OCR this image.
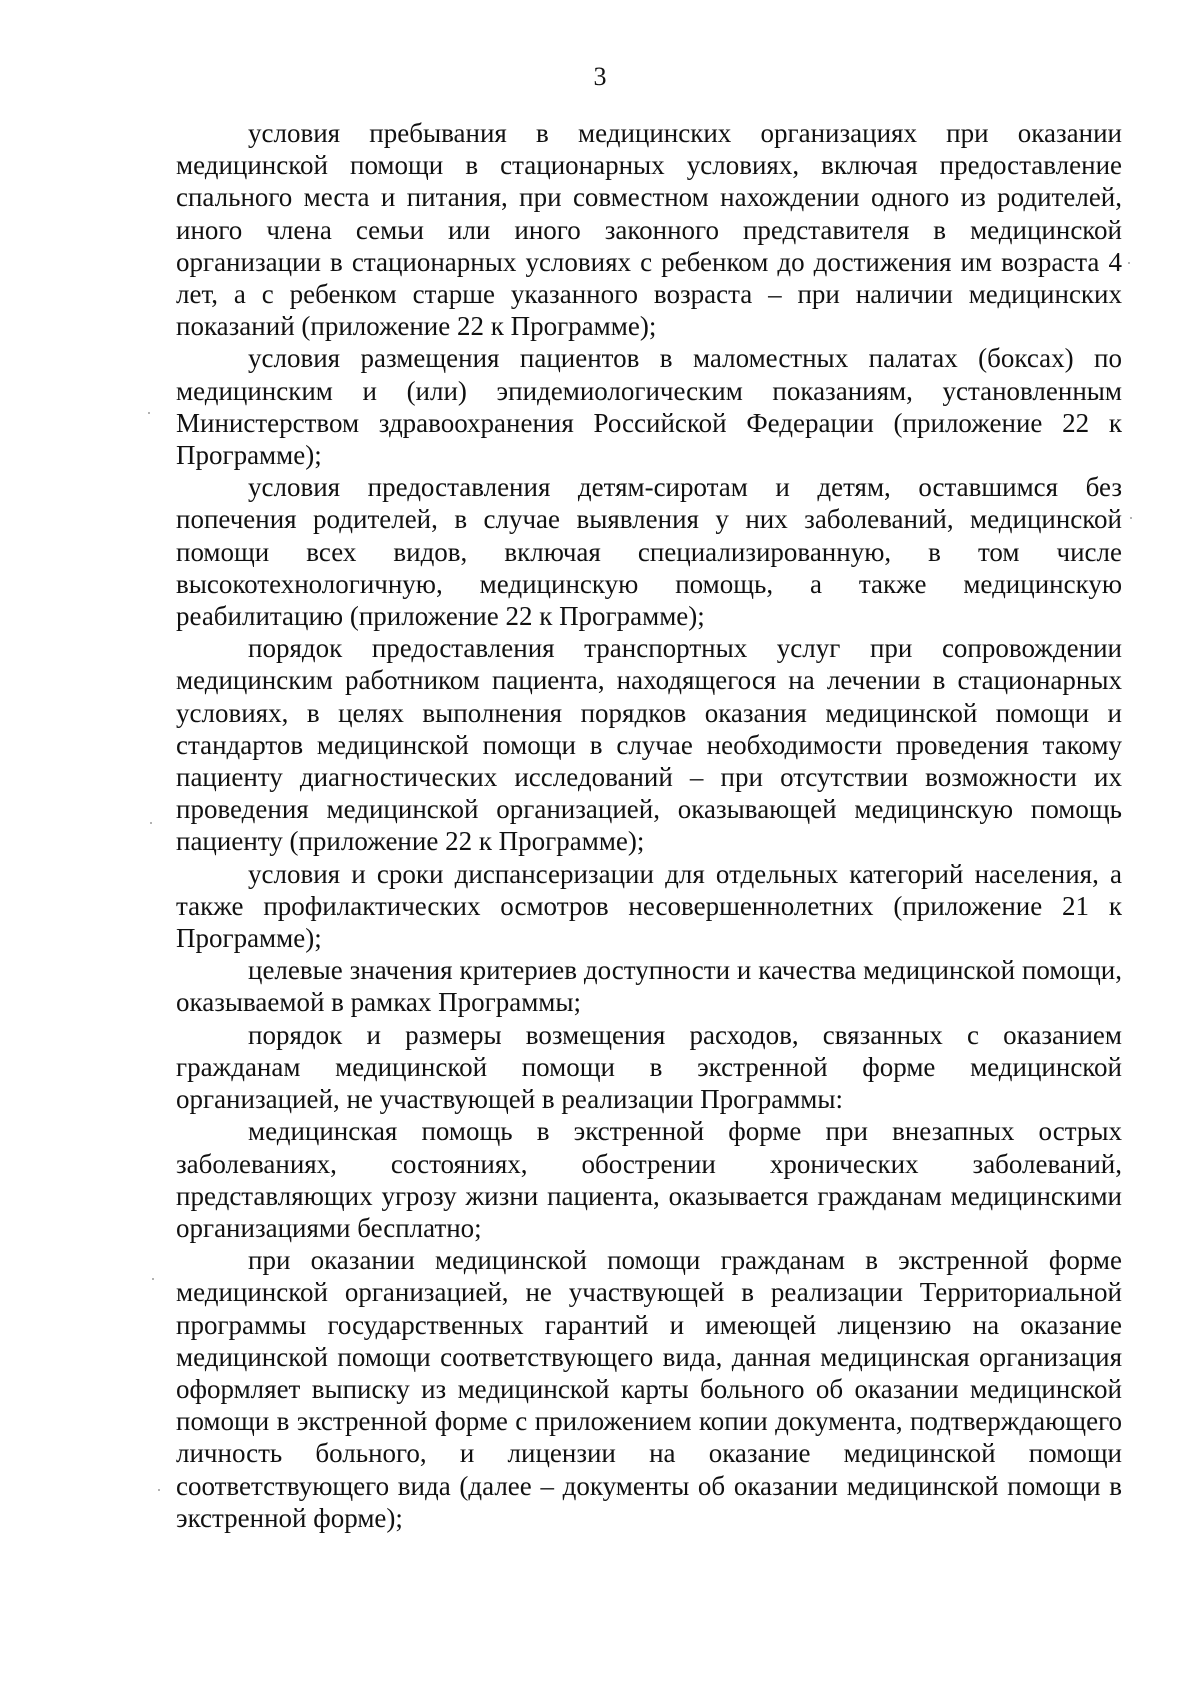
3

условия пребывания в медицинских организациях при оказании медицинской помощи в стационарных условиях, включая предоставление спального места и питания, при совместном нахождении одного из родителей, иного члена семьи или иного законного представителя в медицинской организации в стационарных условиях с ребенком до достижения им возраста 4 лет, а с ребенком старше указанного возраста – при наличии медицинских показаний (приложение 22 к Программе);

условия размещения пациентов в маломестных палатах (боксах) по медицинским и (или) эпидемиологическим показаниям, установленным Министерством здравоохранения Российской Федерации (приложение 22 к Программе);

условия предоставления детям-сиротам и детям, оставшимся без попечения родителей, в случае выявления у них заболеваний, медицинской помощи всех видов, включая специализированную, в том числе высокотехнологичную, медицинскую помощь, а также медицинскую реабилитацию (приложение 22 к Программе);

порядок предоставления транспортных услуг при сопровождении медицинским работником пациента, находящегося на лечении в стационарных условиях, в целях выполнения порядков оказания медицинской помощи и стандартов медицинской помощи в случае необходимости проведения такому пациенту диагностических исследований – при отсутствии возможности их проведения медицинской организацией, оказывающей медицинскую помощь пациенту (приложение 22 к Программе);

условия и сроки диспансеризации для отдельных категорий населения, а также профилактических осмотров несовершеннолетних (приложение 21 к Программе);

целевые значения критериев доступности и качества медицинской помощи, оказываемой в рамках Программы;

порядок и размеры возмещения расходов, связанных с оказанием гражданам медицинской помощи в экстренной форме медицинской организацией, не участвующей в реализации Программы:

медицинская помощь в экстренной форме при внезапных острых заболеваниях, состояниях, обострении хронических заболеваний, представляющих угрозу жизни пациента, оказывается гражданам медицинскими организациями бесплатно;

при оказании медицинской помощи гражданам в экстренной форме медицинской организацией, не участвующей в реализации Территориальной программы государственных гарантий и имеющей лицензию на оказание медицинской помощи соответствующего вида, данная медицинская организация оформляет выписку из медицинской карты больного об оказании медицинской помощи в экстренной форме с приложением копии документа, подтверждающего личность больного, и лицензии на оказание медицинской помощи соответствующего вида (далее – документы об оказании медицинской помощи в экстренной форме);
